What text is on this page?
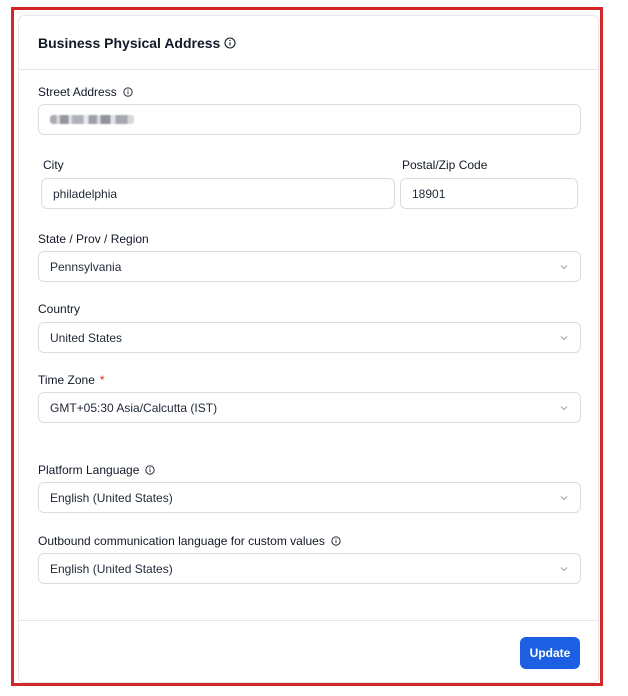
Business Physical Address
Street Address
City
philadelphia
Postal/Zip Code
18901
State / Prov / Region
Pennsylvania
Country
United States
Time Zone *
GMT+05:30 Asia/Calcutta (IST)
Platform Language
English (United States)
Outbound communication language for custom values
English (United States)
Update
